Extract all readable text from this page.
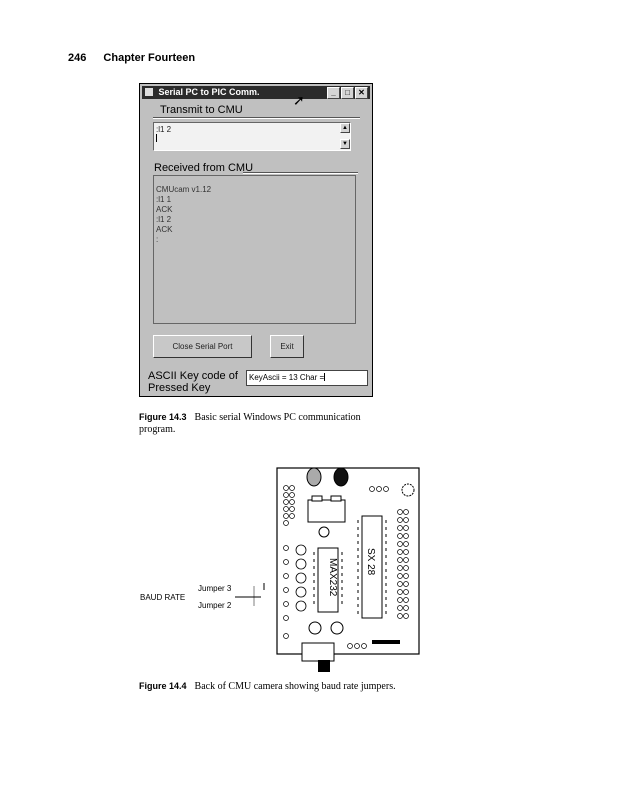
246 Chapter Fourteen
Serial PC to PIC Comm.	_	□	✕
➚
Transmit to CMU
:l1 2	▲
▼
Received from CMU
CMUcam v1.12
:l1 1
ACK
:l1 2
ACK
:
Close Serial Port	Exit
ASCII Key code of
Pressed Key
KeyAscii = 13 Char =
Figure 14.3 Basic serial Windows PC communication
program.
MAX232	SX 28
Jumper 3
Jumper 2
BAUD RATE
Figure 14.4 Back of CMU camera showing baud rate jumpers.
